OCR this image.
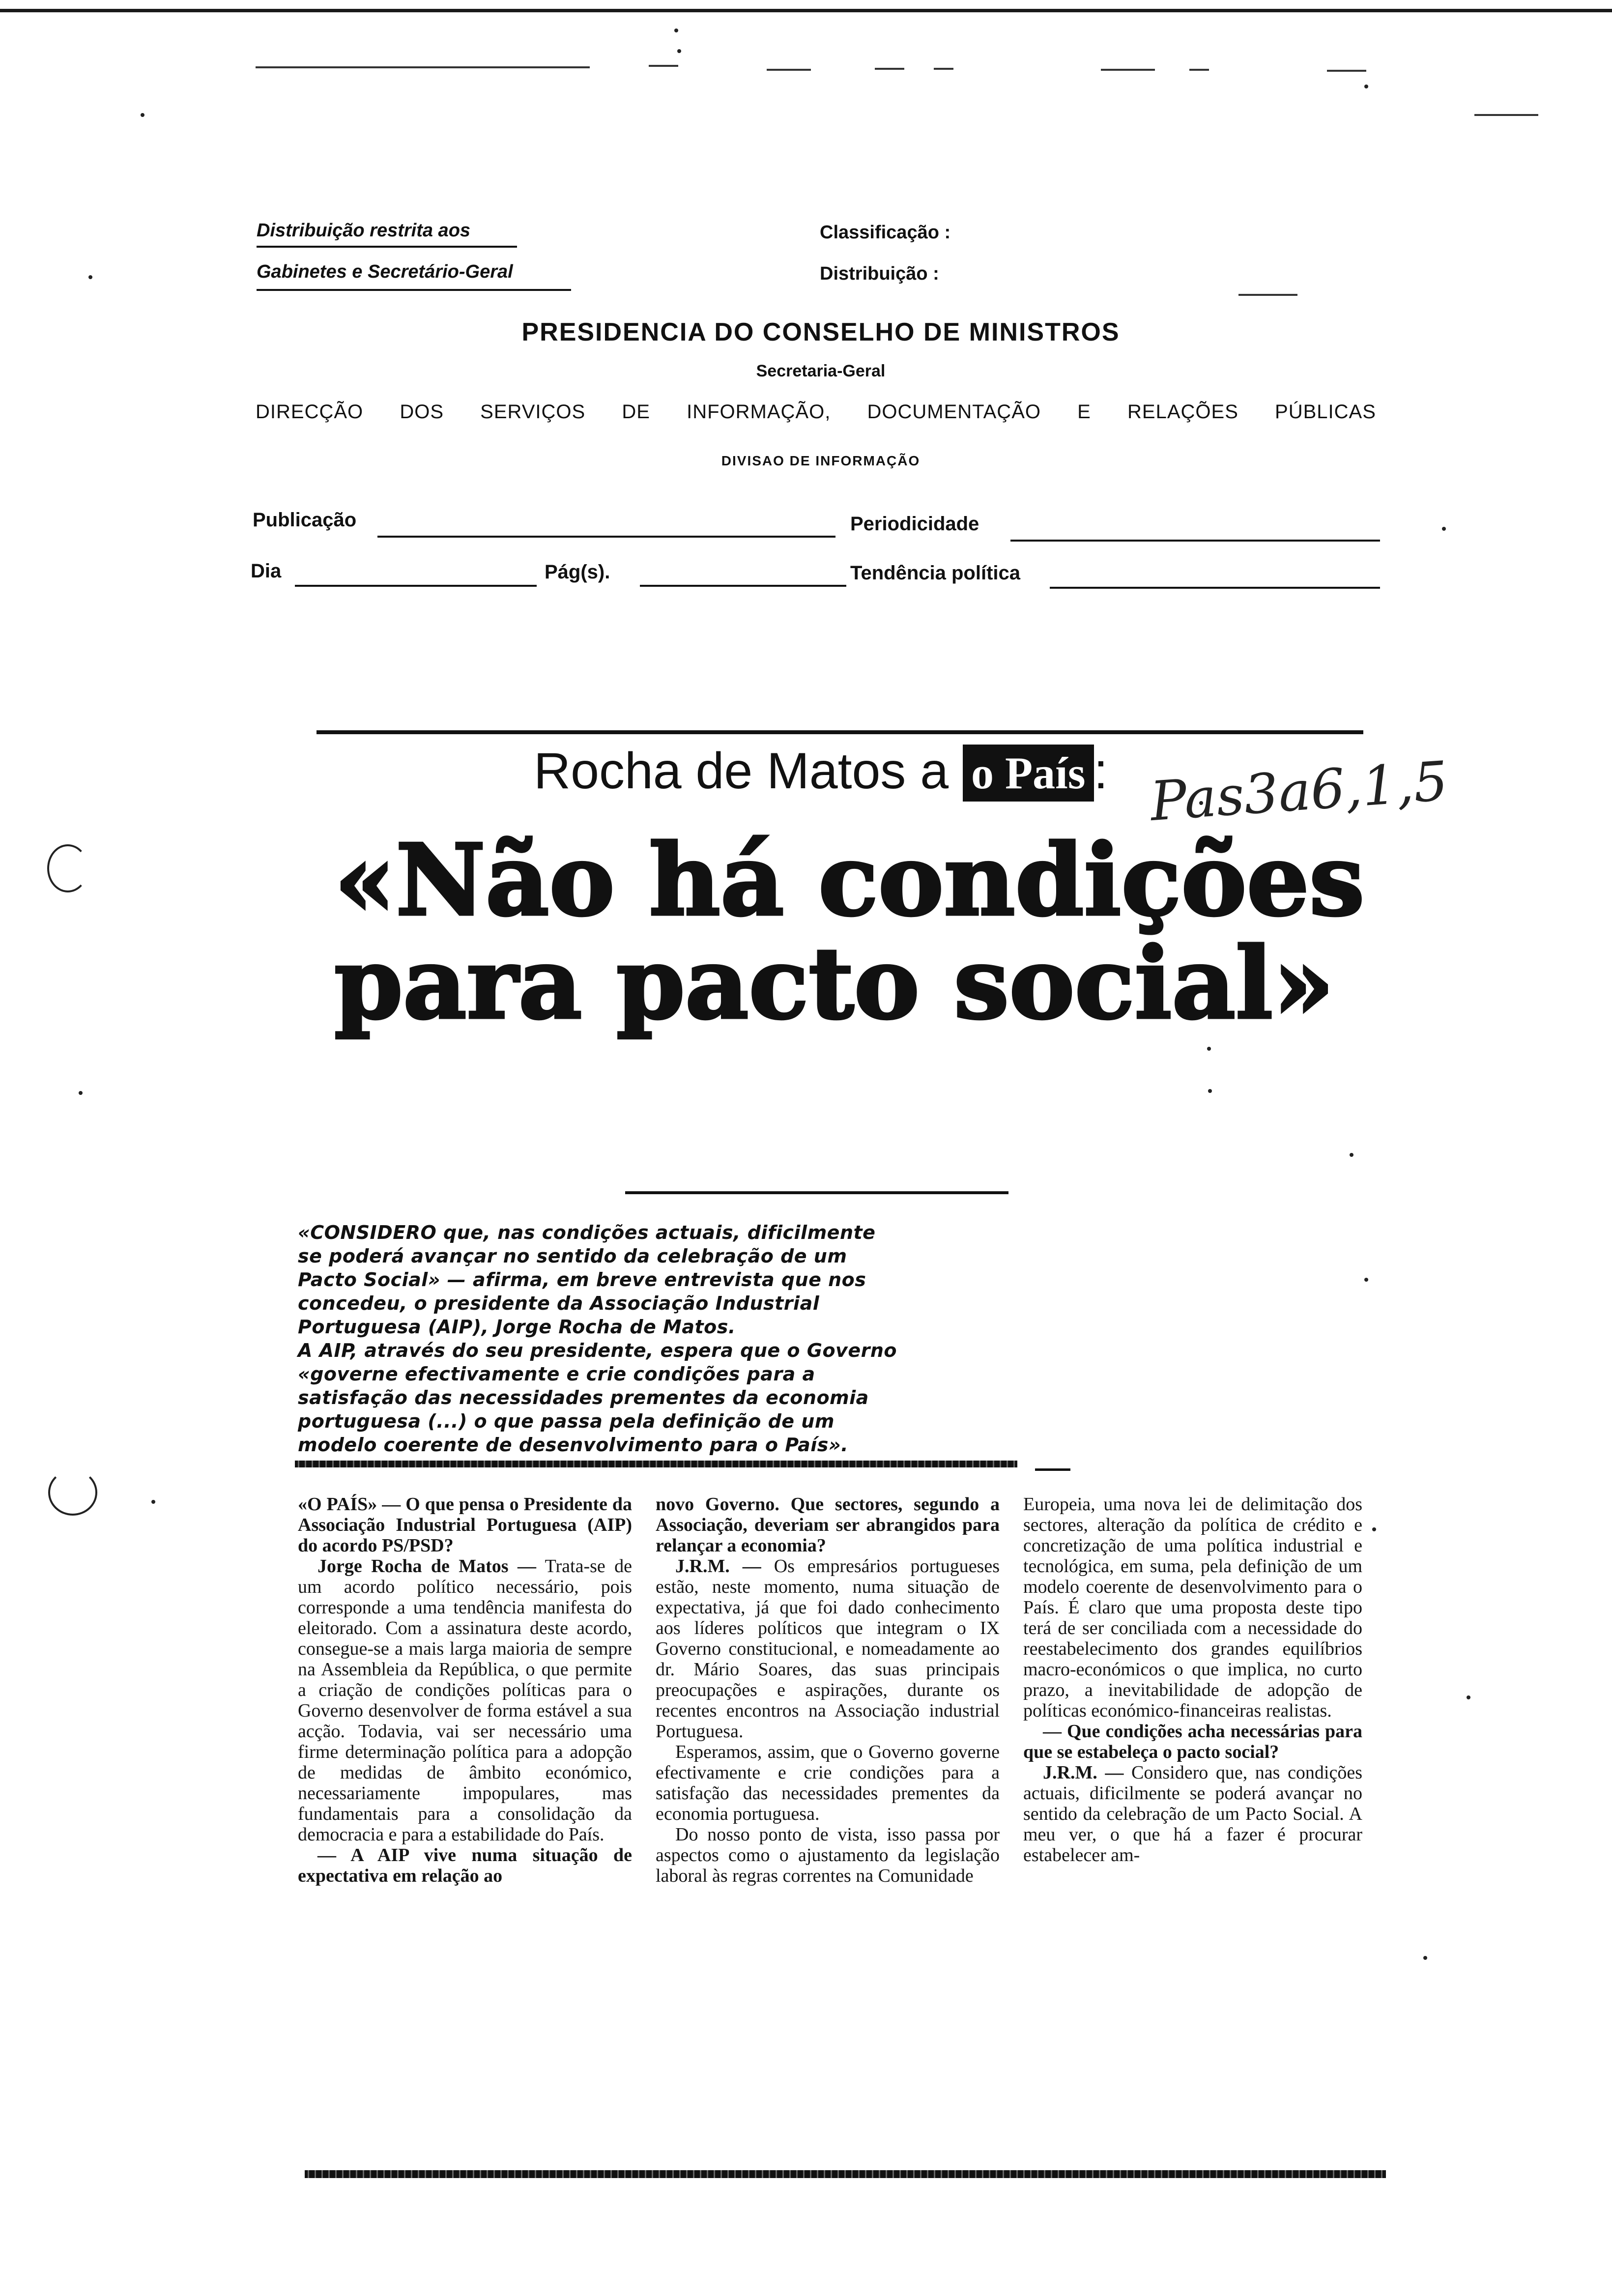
Distribuição restrita aos
Gabinetes e Secretário-Geral
Classificação :
Distribuição :
PRESIDENCIA DO CONSELHO DE MINISTROS
Secretaria-Geral
DIRECÇÃO DOS SERVIÇOS DE INFORMAÇÃO, DOCUMENTAÇÃO E RELAÇÕES PÚBLICAS
DIVISAO DE INFORMAÇÃO
Publicação	Periodicidade
Dia	Pág(s).	Tendência política
Rocha de Matos a o País : Pas3a6,1,5
«Não há condições
para pacto social»
«CONSIDERO que, nas condições actuais, dificilmente
se poderá avançar no sentido da celebração de um
Pacto Social» — afirma, em breve entrevista que nos
concedeu, o presidente da Associação Industrial
Portuguesa (AIP), Jorge Rocha de Matos.
A AIP, através do seu presidente, espera que o Governo
«governe efectivamente e crie condições para a
satisfação das necessidades prementes da economia
portuguesa (...) o que passa pela definição de um
modelo coerente de desenvolvimento para o País».

«O PAÍS» — O que pensa o Presidente da Associação Industrial Portuguesa (AIP) do acordo PS/PSD?

Jorge Rocha de Matos — Trata-se de um acordo político necessário, pois corresponde a uma tendência manifesta do eleitorado. Com a assinatura deste acordo, consegue-se a mais larga maioria de sempre na Assembleia da República, o que permite a criação de condições políticas para o Governo desenvolver de forma estável a sua acção. Todavia, vai ser necessário uma firme determinação política para a adopção de medidas de âmbito económico, necessariamente impopulares, mas fundamentais para a consolidação da democracia e para a estabilidade do País.

— A AIP vive numa situação de expectativa em relação ao

novo Governo. Que sectores, segundo a Associação, deveriam ser abrangidos para relançar a economia?

J.R.M. — Os empresários portugueses estão, neste momento, numa situação de expectativa, já que foi dado conhecimento aos líderes políticos que integram o IX Governo constitucional, e nomeadamente ao dr. Mário Soares, das suas principais preocupações e aspirações, durante os recentes encontros na Associação industrial Portuguesa.

Esperamos, assim, que o Governo governe efectivamente e crie condições para a satisfação das necessidades prementes da economia portuguesa.

Do nosso ponto de vista, isso passa por aspectos como o ajustamento da legislação laboral às regras correntes na Comunidade

Europeia, uma nova lei de delimitação dos sectores, alteração da política de crédito e concretização de uma política industrial e tecnológica, em suma, pela definição de um modelo coerente de desenvolvimento para o País. É claro que uma proposta deste tipo terá de ser conciliada com a necessidade do reestabelecimento dos grandes equilíbrios macro-económicos o que implica, no curto prazo, a inevitabilidade de adopção de políticas económico-financeiras realistas.

— Que condições acha necessárias para que se estabeleça o pacto social?

J.R.M. — Considero que, nas condições actuais, dificilmente se poderá avançar no sentido da celebração de um Pacto Social. A meu ver, o que há a fazer é procurar estabelecer am-
